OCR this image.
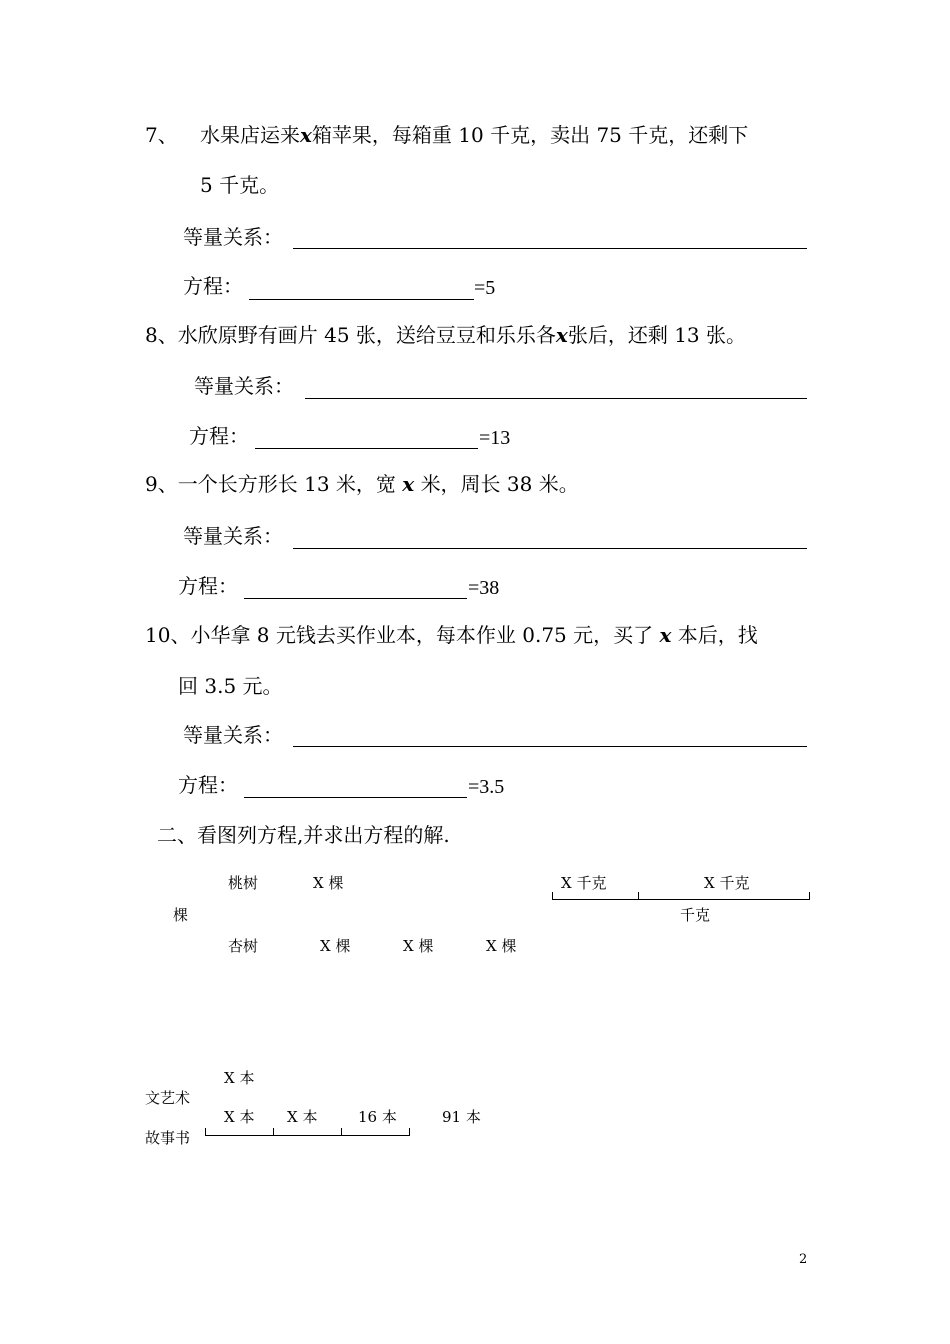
7、 水果店运来x箱苹果，每箱重 10 千克，卖出 75 千克，还剩下
5 千克。
等量关系：
方程：	=5
8、水欣原野有画片 45 张，送给豆豆和乐乐各x张后，还剩 13 张。
等量关系：
方程：	=13
9、一个长方形长 13 米，宽 x 米，周长 38 米。
等量关系：
方程：	=38
10、小华拿 8 元钱去买作业本，每本作业 0.75 元，买了 x 本后，找
回 3.5 元。
等量关系：
方程：	=3.5
二、看图列方程,并求出方程的解.
桃树	X 棵
棵
杏树	X 棵	X 棵	X 棵
X 千克	X 千克
千克
X 本
文艺术
X 本 X 本	16 本	91 本
故事书
2
